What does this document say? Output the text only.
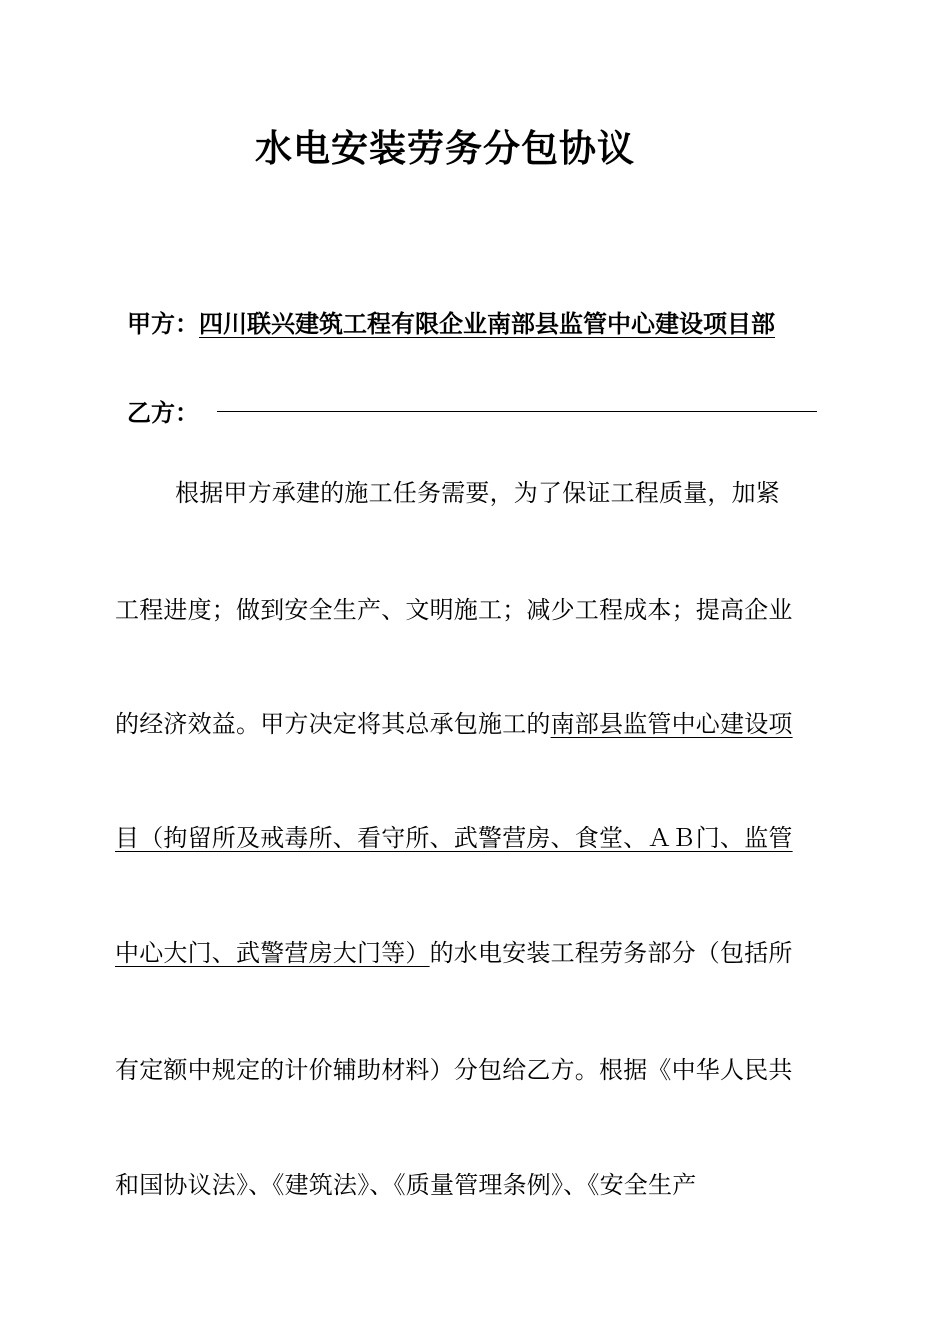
水电安装劳务分包协议
甲方：四川联兴建筑工程有限企业南部县监管中心建设项目部
乙方：
根据甲方承建的施工任务需要，为了保证工程质量，加紧
工程进度；做到安全生产、文明施工；减少工程成本；提高企业
的经济效益。甲方决定将其总承包施工的南部县监管中心建设项
目（拘留所及戒毒所、看守所、武警营房、食堂、ＡＢ门、监管
中心大门、武警营房大门等）的水电安装工程劳务部分（包括所
有定额中规定的计价辅助材料）分包给乙方。根据《中华人民共
和国协议法》、《建筑法》、《质量管理条例》、《安全生产
